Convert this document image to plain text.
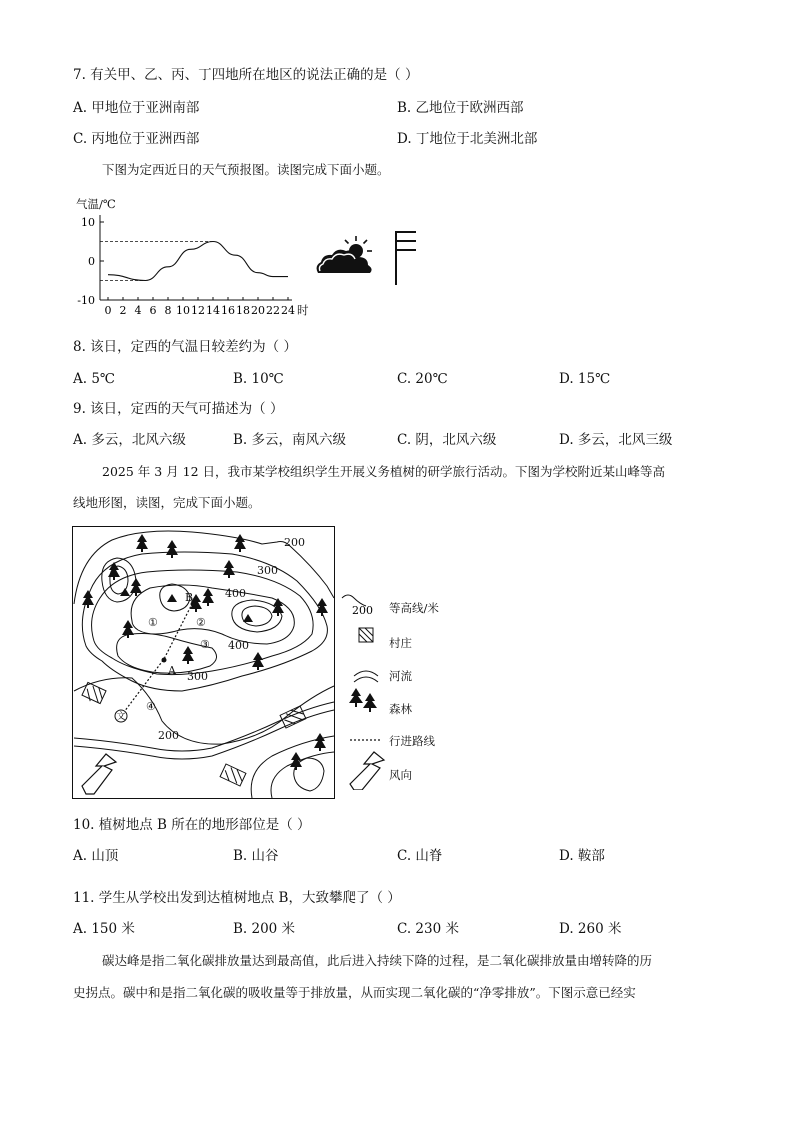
7. 有关甲、乙、丙、丁四地所在地区的说法正确的是（ ）
A. 甲地位于亚洲南部	B. 乙地位于欧洲西部
C. 丙地位于亚洲西部	D. 丁地位于北美洲北部
下图为定西近日的天气预报图。读图完成下面小题。
气温/℃
10
0
-10
0 2 4 6 8 10 12 14 16 18 20 22 24 时
8. 该日，定西的气温日较差约为（ ）
A. 5℃	B. 10℃	C. 20℃	D. 15℃
9. 该日，定西的天气可描述为（ ）
A. 多云，北风六级	B. 多云，南风六级	C. 阴，北风六级	D. 多云，北风三级
2025 年 3 月 12 日，我市某学校组织学生开展义务植树的研学旅行活动。下图为学校附近某山峰等高
线地形图，读图，完成下面小题。
文
B
A
①	②
③
④
200
300
400
400
300
200
200 等高线/米
村庄
河流
森林
行进路线
风向
10. 植树地点 B 所在的地形部位是（ ）
A. 山顶	B. 山谷	C. 山脊	D. 鞍部
11. 学生从学校出发到达植树地点 B，大致攀爬了（ ）
A. 150 米	B. 200 米	C. 230 米	D. 260 米
碳达峰是指二氧化碳排放量达到最高值，此后进入持续下降的过程，是二氧化碳排放量由增转降的历
史拐点。碳中和是指二氧化碳的吸收量等于排放量，从而实现二氧化碳的“净零排放”。下图示意已经实
